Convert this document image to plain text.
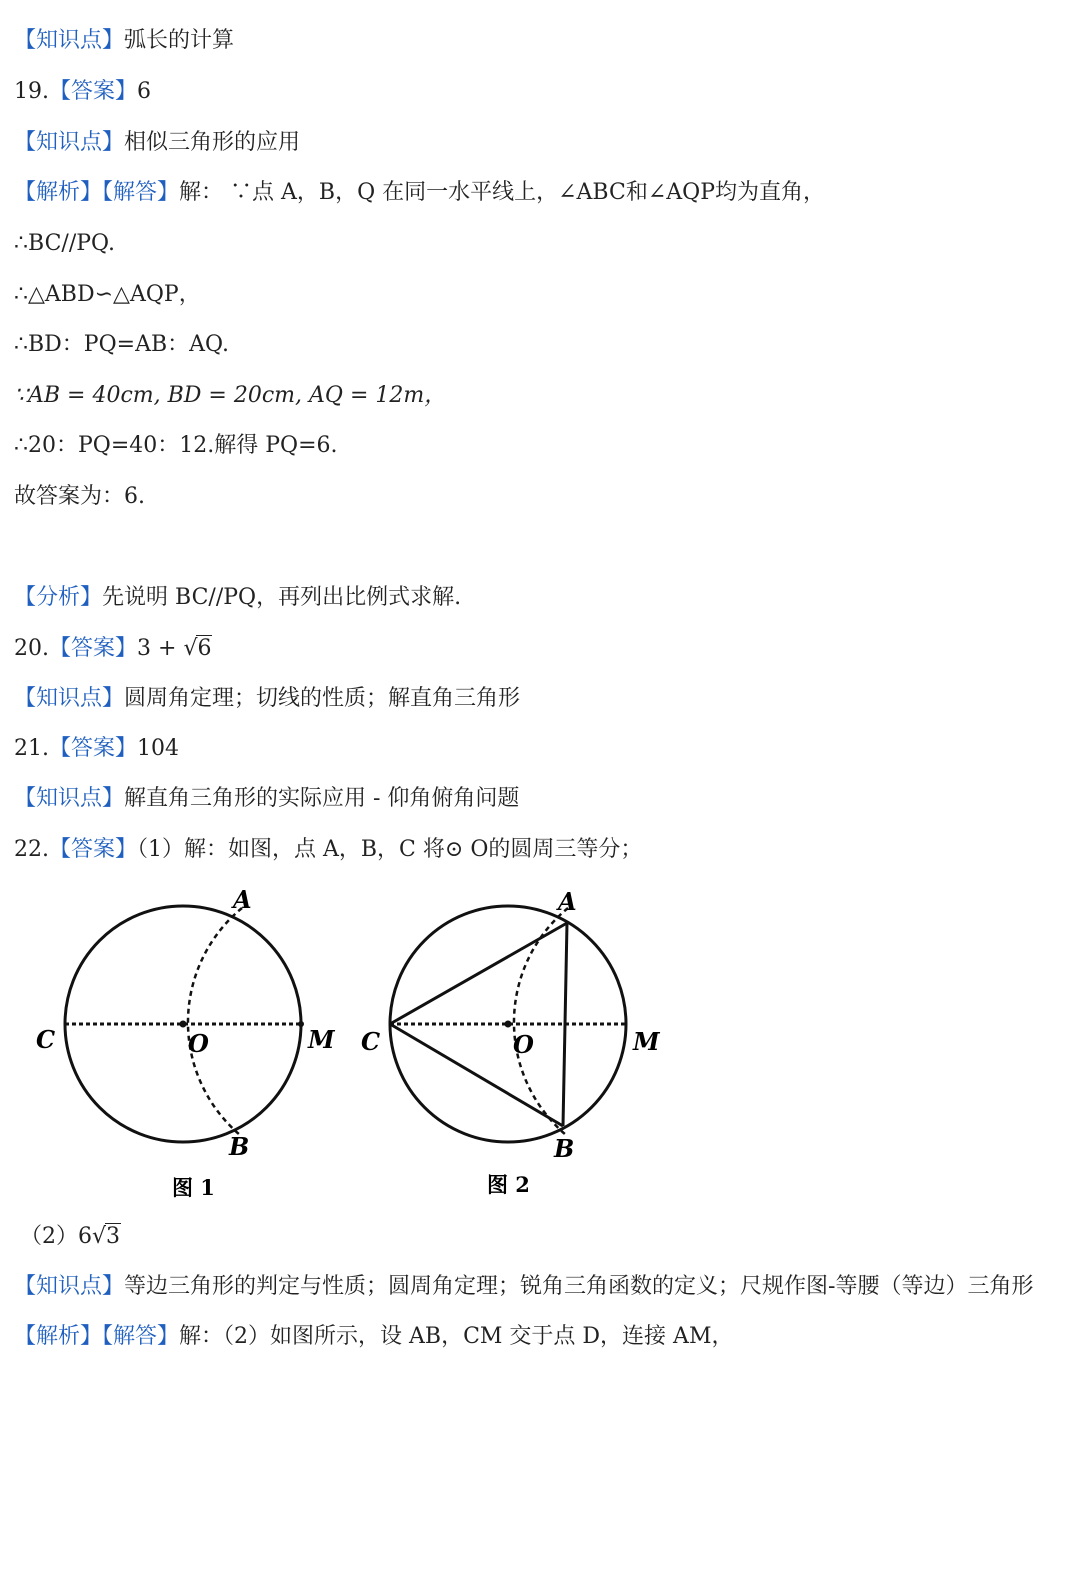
【知识点】弧长的计算
19.【答案】6
【知识点】相似三角形的应用
【解析】【解答】解： ∵点 A，B，Q 在同一水平线上，∠ABC和∠AQP均为直角，
∴BC//PQ.
∴△ABD∽△AQP，
∴BD：PQ=AB：AQ.
∵AB = 40cm, BD = 20cm, AQ = 12m，
∴20：PQ=40：12.解得 PQ=6.
故答案为：6.
【分析】先说明 BC//PQ，再列出比例式求解.
20.【答案】3 + √6
【知识点】圆周角定理；切线的性质；解直角三角形
21.【答案】104
【知识点】解直角三角形的实际应用 - 仰角俯角问题
22.【答案】（1）解：如图，点 A，B，C 将⊙ O的圆周三等分；
A
B
C	O	M
图 1
A
B
C	O	M
图 2
（2）6√3
【知识点】等边三角形的判定与性质；圆周角定理；锐角三角函数的定义；尺规作图-等腰（等边）三角形
【解析】【解答】解：（2）如图所示，设 AB，CM 交于点 D，连接 AM，
